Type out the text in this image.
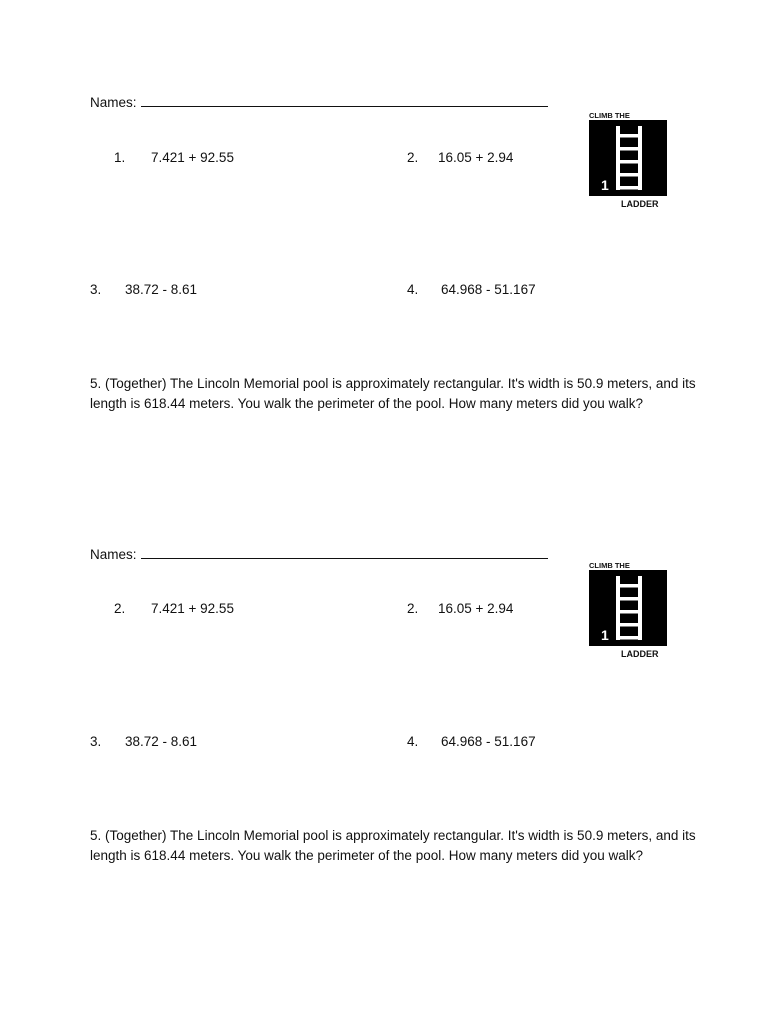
Names:
1. 7.421 + 92.55	2. 16.05 + 2.94
3. 38.72 - 8.61	4. 64.968 - 51.167
5. (Together) The Lincoln Memorial pool is approximately rectangular. It's width is 50.9 meters, and its length is 618.44 meters. You walk the perimeter of the pool. How many meters did you walk?
CLIMB THE
1
LADDER
Names:
2. 7.421 + 92.55	2. 16.05 + 2.94
3. 38.72 - 8.61	4. 64.968 - 51.167
5. (Together) The Lincoln Memorial pool is approximately rectangular. It's width is 50.9 meters, and its length is 618.44 meters. You walk the perimeter of the pool. How many meters did you walk?
CLIMB THE
1
LADDER
